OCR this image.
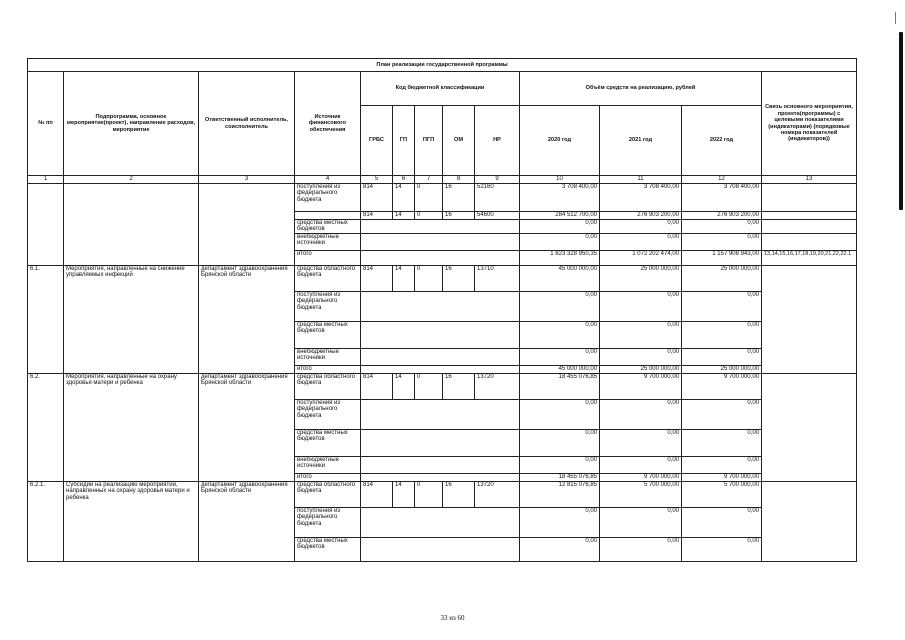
План реализации государственной программы												
№ пп	Подпрограмма, основное мероприятие(проект), направление расходов, мероприятие	Ответственный исполнитель, соисполнитель	Источник финансового обеспечения	Код бюджетной классификации					Объём средств на реализацию, рублей			Связь основного мероприятия, проекта(программы) с целевыми показателями (индикаторами) (порядковые номера показателей (индикаторов))
				ГРБС	ГП	ПГП	ОМ	НР	2020 год	2021 год	2022 год	
1	2	3	4	5	6	7	8	9	10	11	12	13
			поступления из федерального бюджета	814	14	0	16	52160	3 708 400,00	3 708 400,00	3 708 400,00	
				814	14	0	16	54600	284 512 700,00	276 903 200,00	276 903 200,00	
			средства местных бюджетов						0,00	0,00	0,00	
			внебюджетные источники						0,00	0,00	0,00	
			итого						1 823 328 950,35	1 072 202 474,00	1 157 908 943,00	13,14,15,16,17,18,19,20,21,22,22.1
6.1.	Мероприятия, направленные на снижение управляемых инфекций	департамент здравоохранения Брянской области	средства областного бюджета	814	14	0	16	13710	45 000 000,00	25 000 000,00	25 000 000,00	
			поступления из федерального бюджета						0,00	0,00	0,00	
			средства местных бюджетов						0,00	0,00	0,00	
			внебюджетные источники						0,00	0,00	0,00	
			итого						45 000 000,00	25 000 000,00	25 000 000,00	
6.2.	Мероприятия, направленные на охрану здоровья матери и ребенка	департамент здравоохранения Брянской области	средства областного бюджета	814	14	0	16	13720	18 455 076,85	9 700 000,00	9 700 000,00	
			поступления из федерального бюджета						0,00	0,00	0,00	
			средства местных бюджетов						0,00	0,00	0,00	
			внебюджетные источники						0,00	0,00	0,00	
			итого						18 455 076,85	9 700 000,00	9 700 000,00	
6.2.1.	Субсидии на реализацию мероприятий, направленных на охрану здоровья матери и ребенка	департамент здравоохранения Брянской области	средства областного бюджета	814	14	0	16	13720	12 815 076,85	5 700 000,00	5 700 000,00	
			поступления из федерального бюджета						0,00	0,00	0,00	
			средства местных бюджетов						0,00	0,00	0,00	
33 из 60
